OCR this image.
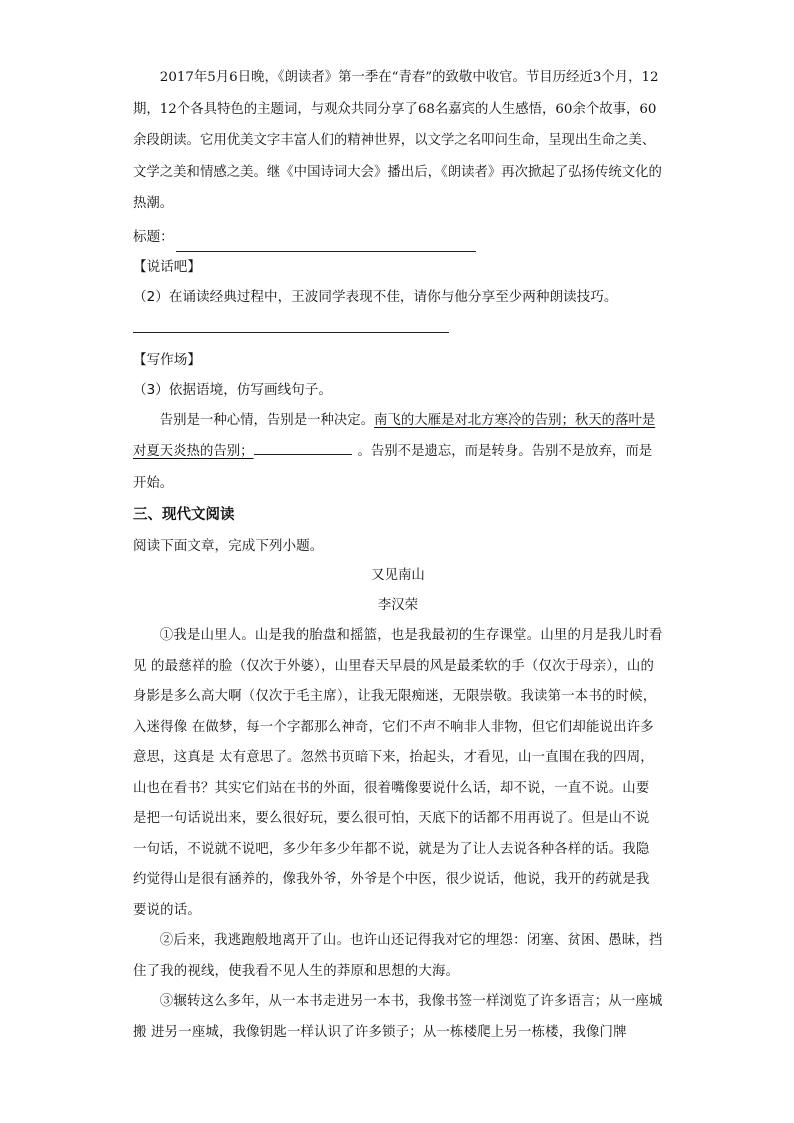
2017年5月6日晚，《朗读者》第一季在“青春”的致敬中收官。节目历经近3个月，12期，12个各具特色的主题词，与观众共同分享了68名嘉宾的人生感悟，60余个故事，60余段朗读。它用优美文字丰富人们的精神世界，以文学之名叩问生命，呈现出生命之美、文学之美和情感之美。继《中国诗词大会》播出后，《朗读者》再次掀起了弘扬传统文化的热潮。

标题：

【说话吧】

（2）在诵读经典过程中，王波同学表现不佳，请你与他分享至少两种朗读技巧。

【写作场】

（3）依据语境，仿写画线句子。

告别是一种心情，告别是一种决定。南飞的大雁是对北方寒冷的告别；秋天的落叶是对夏天炎热的告别；	。告别不是遗忘，而是转身。告别不是放弃，而是开始。

三、现代文阅读

阅读下面文章，完成下列小题。

又见南山

李汉荣

①我是山里人。山是我的胎盘和摇篮，也是我最初的生存课堂。山里的月是我儿时看见 的最慈祥的脸（仅次于外婆），山里春天早晨的风是最柔软的手（仅次于母亲），山的身影是多么高大啊（仅次于毛主席），让我无限痴迷，无限崇敬。我读第一本书的时候，入迷得像 在做梦，每一个字都那么神奇，它们不声不响非人非物，但它们却能说出许多意思，这真是 太有意思了。忽然书页暗下来，抬起头，才看见，山一直围在我的四周，山也在看书？其实它们站在书的外面，很着嘴像要说什么话，却不说，一直不说。山要是把一句话说出来，要么很好玩，要么很可怕，天底下的话都不用再说了。但是山不说一句话，不说就不说吧，多少年多少年都不说，就是为了让人去说各种各样的话。我隐约觉得山是很有涵养的，像我外爷，外爷是个中医，很少说话，他说，我开的药就是我要说的话。

②后来，我逃跑般地离开了山。也许山还记得我对它的埋怨：闭塞、贫困、愚昧，挡住了我的视线，使我看不见人生的莽原和思想的大海。

③辗转这么多年，从一本书走进另一本书，我像书签一样浏览了许多语言；从一座城搬 进另一座城，我像钥匙一样认识了许多锁子；从一栋楼爬上另一栋楼，我像门牌
